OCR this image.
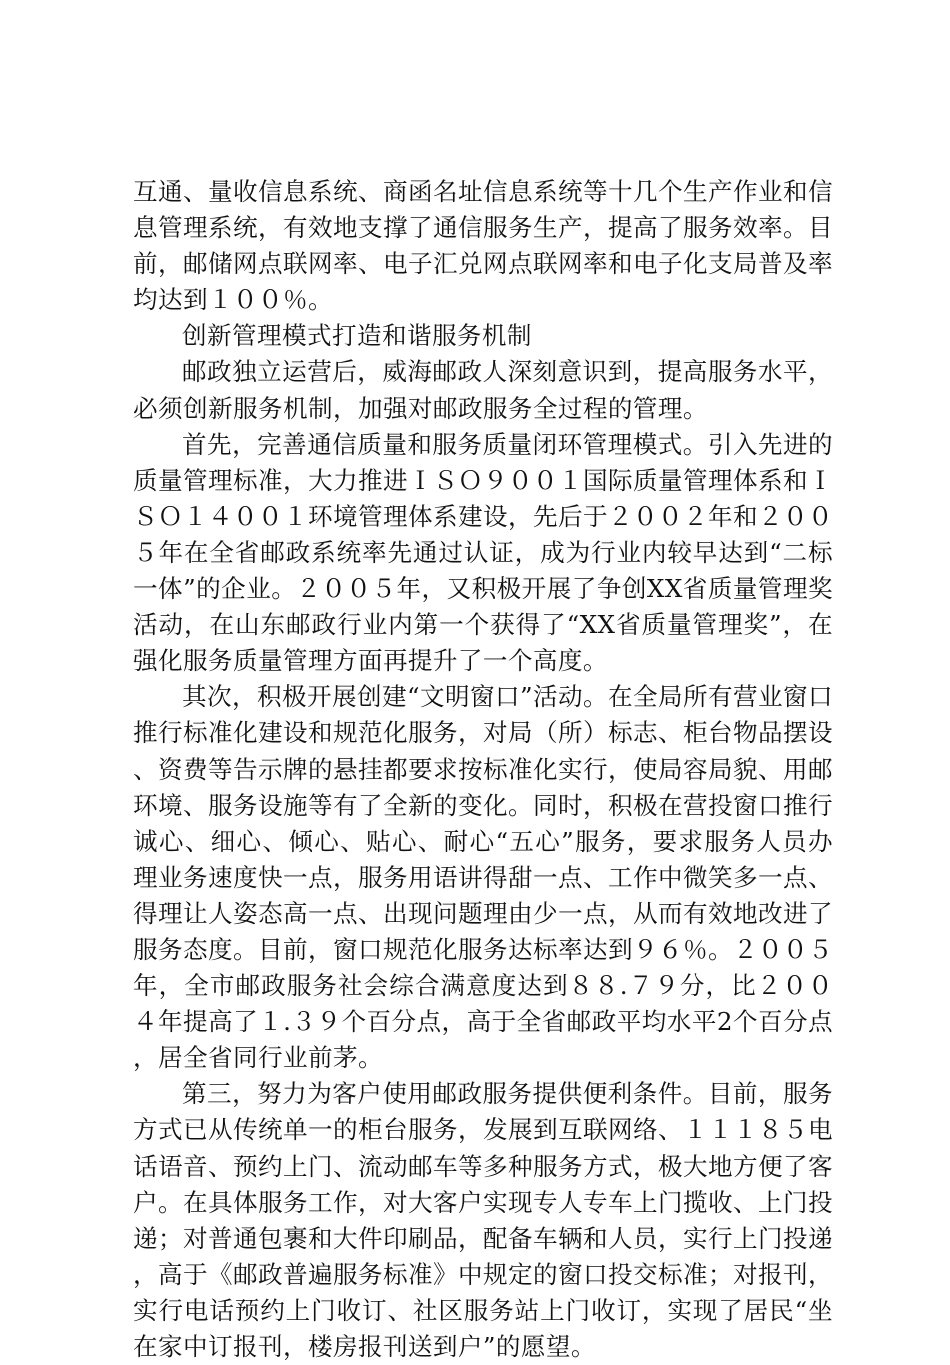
互通、量收信息系统、商函名址信息系统等十几个生产作业和信息管理系统，有效地支撑了通信服务生产，提高了服务效率。目前，邮储网点联网率、电子汇兑网点联网率和电子化支局普及率均达到１００％。

创新管理模式打造和谐服务机制

邮政独立运营后，威海邮政人深刻意识到，提高服务水平，必须创新服务机制，加强对邮政服务全过程的管理。

首先，完善通信质量和服务质量闭环管理模式。引入先进的质量管理标准，大力推进ＩＳＯ９００１国际质量管理体系和ＩＳＯ１４００１环境管理体系建设，先后于２００２年和２００５年在全省邮政系统率先通过认证，成为行业内较早达到“二标一体”的企业。２００５年，又积极开展了争创XX省质量管理奖活动，在山东邮政行业内第一个获得了“XX省质量管理奖”，在强化服务质量管理方面再提升了一个高度。

其次，积极开展创建“文明窗口”活动。在全局所有营业窗口推行标准化建设和规范化服务，对局（所）标志、柜台物品摆设、资费等告示牌的悬挂都要求按标准化实行，使局容局貌、用邮环境、服务设施等有了全新的变化。同时，积极在营投窗口推行诚心、细心、倾心、贴心、耐心“五心”服务，要求服务人员办理业务速度快一点，服务用语讲得甜一点、工作中微笑多一点、得理让人姿态高一点、出现问题理由少一点，从而有效地改进了服务态度。目前，窗口规范化服务达标率达到９６％。２００５年，全市邮政服务社会综合满意度达到８８.７９分，比２００４年提高了１.３９个百分点，高于全省邮政平均水平2个百分点，居全省同行业前茅。

第三，努力为客户使用邮政服务提供便利条件。目前，服务方式已从传统单一的柜台服务，发展到互联网络、１１１８５电话语音、预约上门、流动邮车等多种服务方式，极大地方便了客户。在具体服务工作，对大客户实现专人专车上门揽收、上门投递；对普通包裹和大件印刷品，配备车辆和人员，实行上门投递，高于《邮政普遍服务标准》中规定的窗口投交标准；对报刊，实行电话预约上门收订、社区服务站上门收订，实现了居民“坐在家中订报刊，楼房报刊送到户”的愿望。
